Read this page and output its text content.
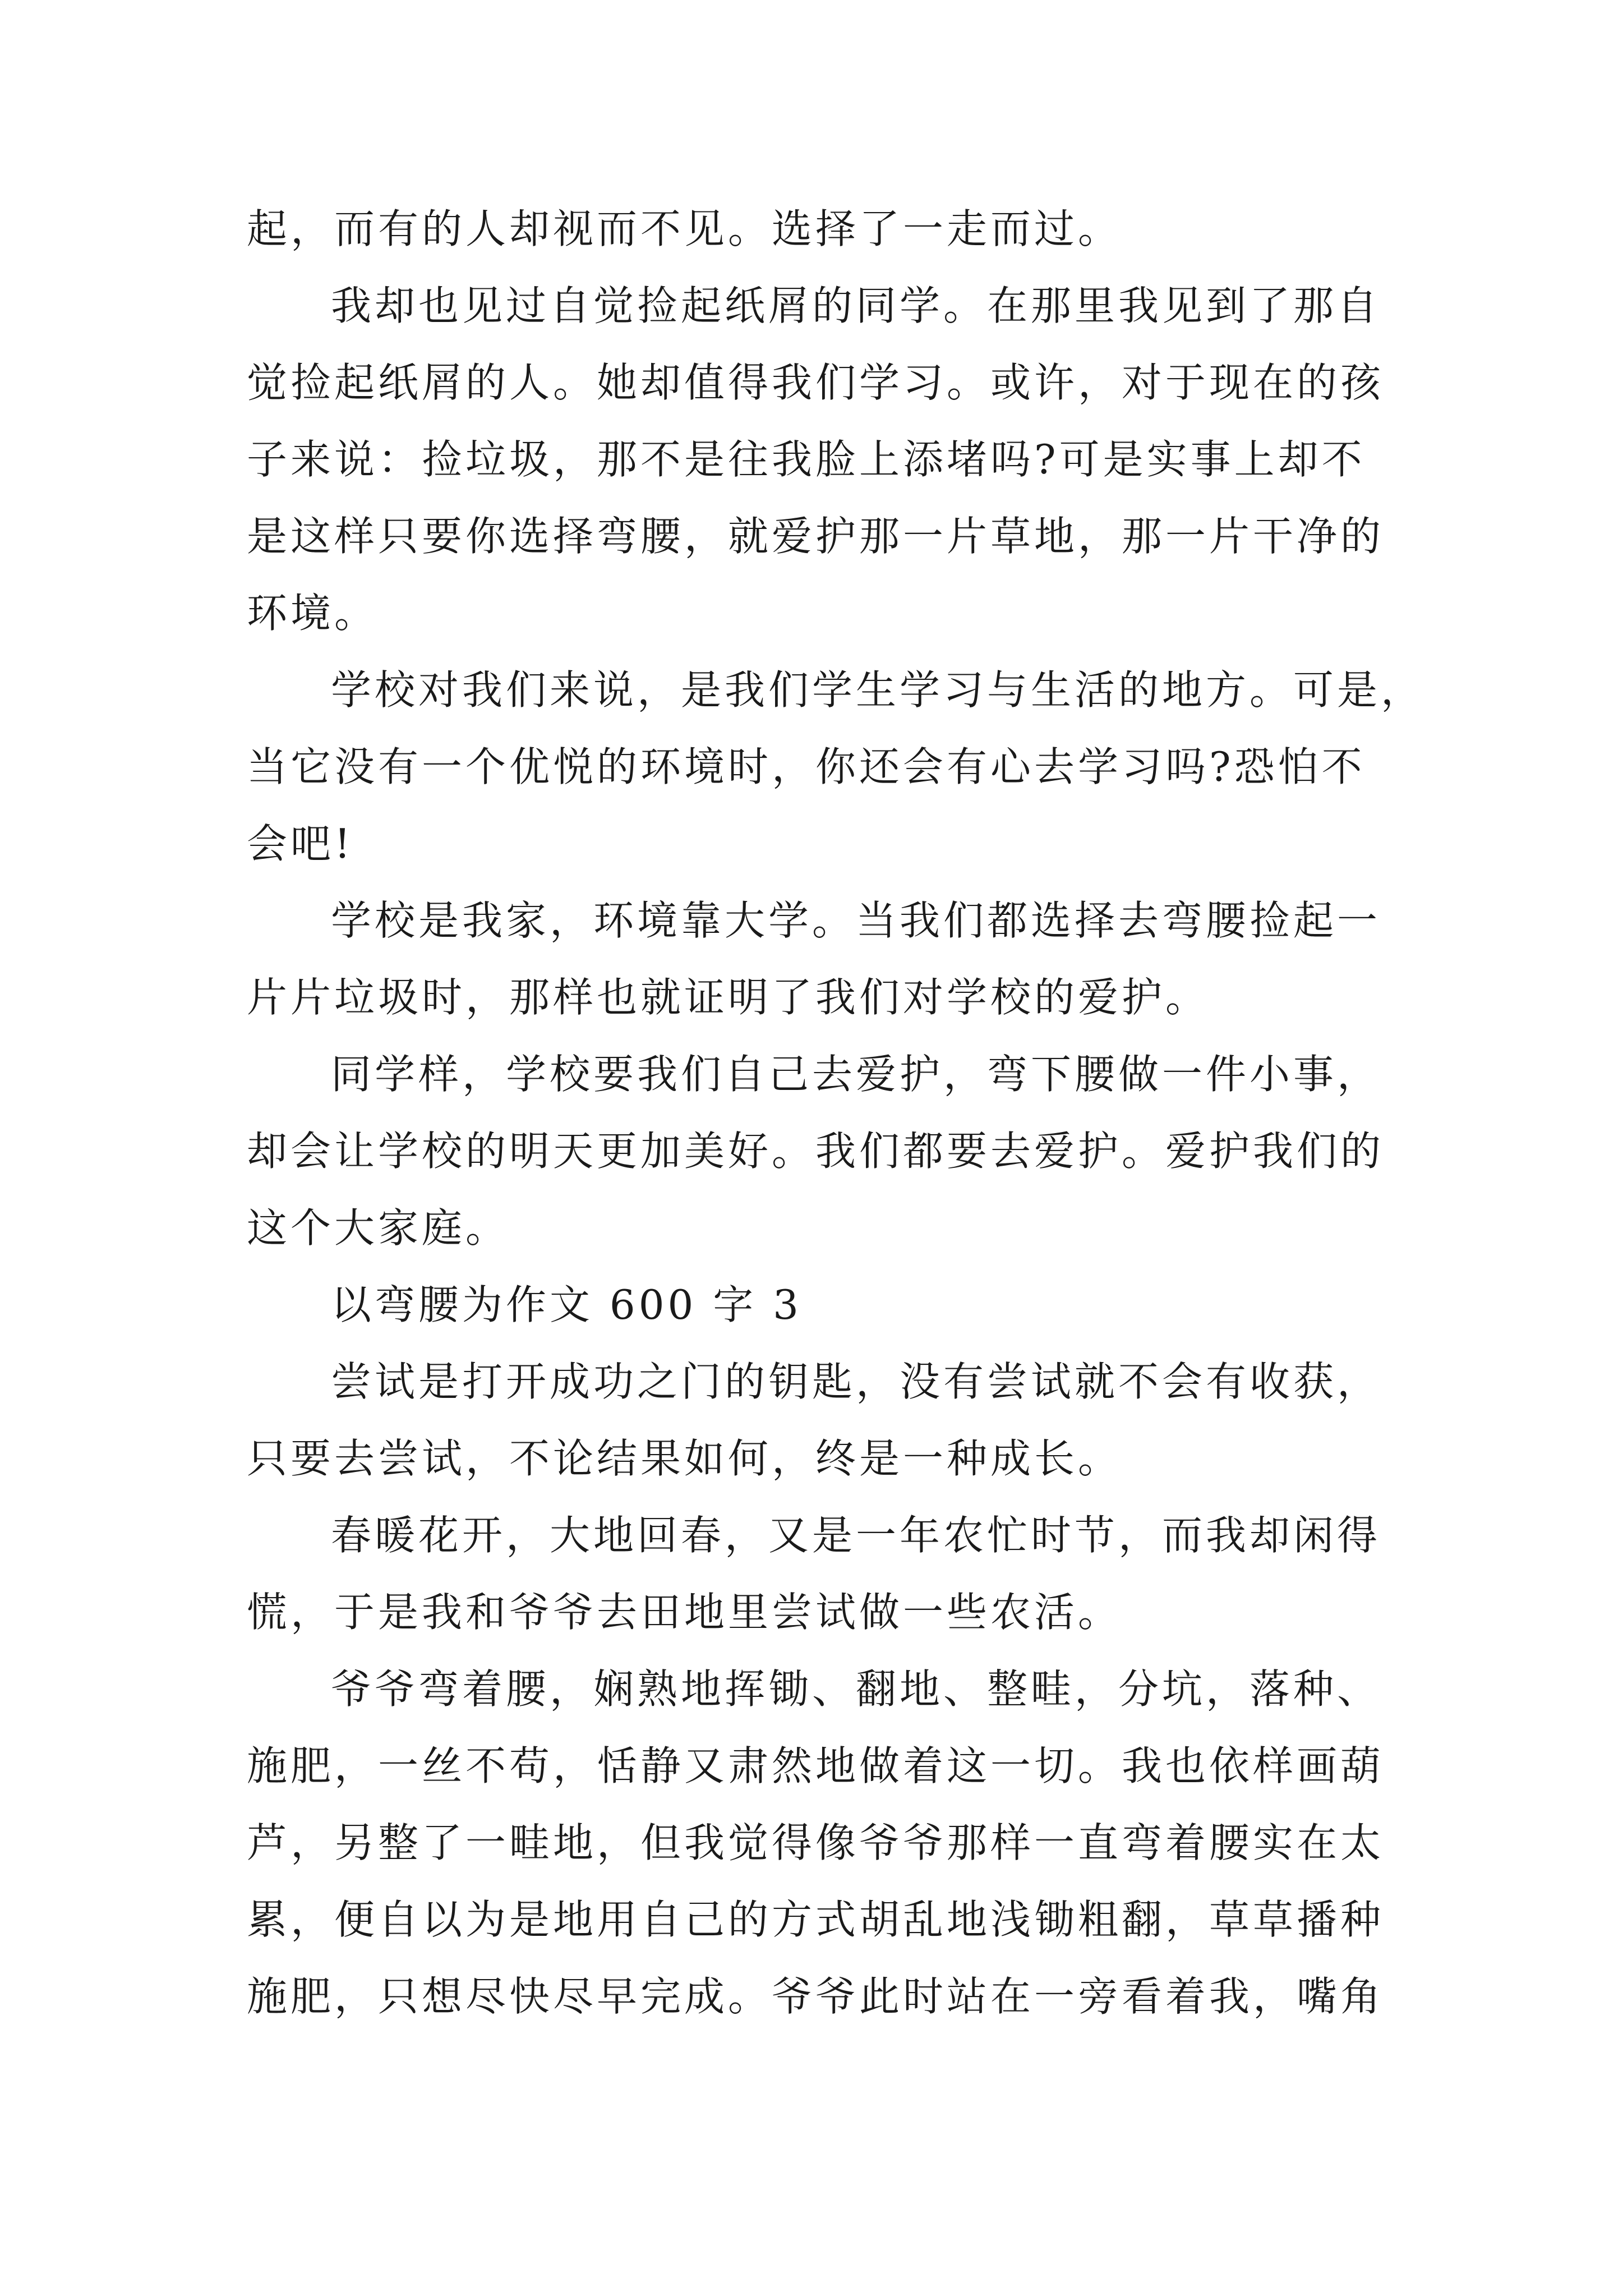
起，而有的人却视而不见。选择了一走而过。
我却也见过自觉捡起纸屑的同学。在那里我见到了那自
觉捡起纸屑的人。她却值得我们学习。或许，对于现在的孩
子来说：捡垃圾，那不是往我脸上添堵吗?可是实事上却不
是这样只要你选择弯腰，就爱护那一片草地，那一片干净的
环境。
学校对我们来说，是我们学生学习与生活的地方。可是，
当它没有一个优悦的环境时，你还会有心去学习吗?恐怕不
会吧!
学校是我家，环境靠大学。当我们都选择去弯腰捡起一
片片垃圾时，那样也就证明了我们对学校的爱护。
同学样，学校要我们自己去爱护，弯下腰做一件小事，
却会让学校的明天更加美好。我们都要去爱护。爱护我们的
这个大家庭。
以弯腰为作文 600 字 3
尝试是打开成功之门的钥匙，没有尝试就不会有收获，
只要去尝试，不论结果如何，终是一种成长。
春暖花开，大地回春，又是一年农忙时节，而我却闲得
慌，于是我和爷爷去田地里尝试做一些农活。
爷爷弯着腰，娴熟地挥锄、翻地、整畦，分坑，落种、
施肥，一丝不苟，恬静又肃然地做着这一切。我也依样画葫
芦，另整了一畦地，但我觉得像爷爷那样一直弯着腰实在太
累，便自以为是地用自己的方式胡乱地浅锄粗翻，草草播种
施肥，只想尽快尽早完成。爷爷此时站在一旁看着我，嘴角
